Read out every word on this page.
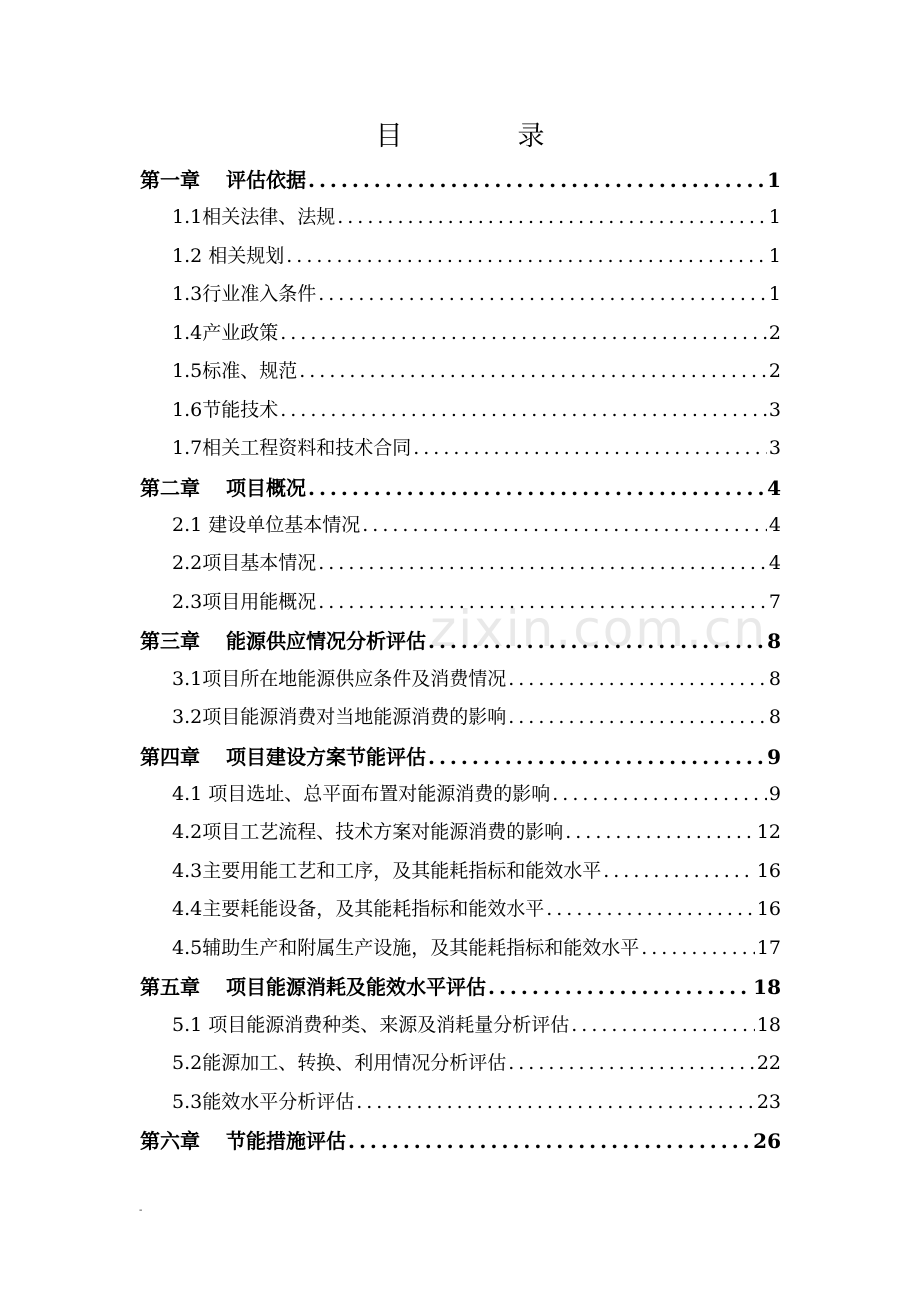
zixin.com.cn
目　录
第一章 评估依据 .....	1
1.1相关法律、法规 .....	1
1.2 相关规划 .....	1
1.3行业准入条件 .....	1
1.4产业政策 .....	2
1.5标准、规范 .....	2
1.6节能技术 .....	3
1.7相关工程资料和技术合同 .....	3
第二章 项目概况 .....	4
2.1 建设单位基本情况 .....	4
2.2项目基本情况 .....	4
2.3项目用能概况 .....	7
第三章 能源供应情况分析评估 .....	8
3.1项目所在地能源供应条件及消费情况 .....	8
3.2项目能源消费对当地能源消费的影响 .....	8
第四章 项目建设方案节能评估 .....	9
4.1 项目选址、总平面布置对能源消费的影响 .....	9
4.2项目工艺流程、技术方案对能源消费的影响 .....	12
4.3主要用能工艺和工序，及其能耗指标和能效水平 .....	16
4.4主要耗能设备，及其能耗指标和能效水平 .....	16
4.5辅助生产和附属生产设施，及其能耗指标和能效水平 .....	17
第五章 项目能源消耗及能效水平评估 .....	18
5.1 项目能源消费种类、来源及消耗量分析评估 .....	18
5.2能源加工、转换、利用情况分析评估 .....	22
5.3能效水平分析评估 .....	23
第六章 节能措施评估 .....	26
-
